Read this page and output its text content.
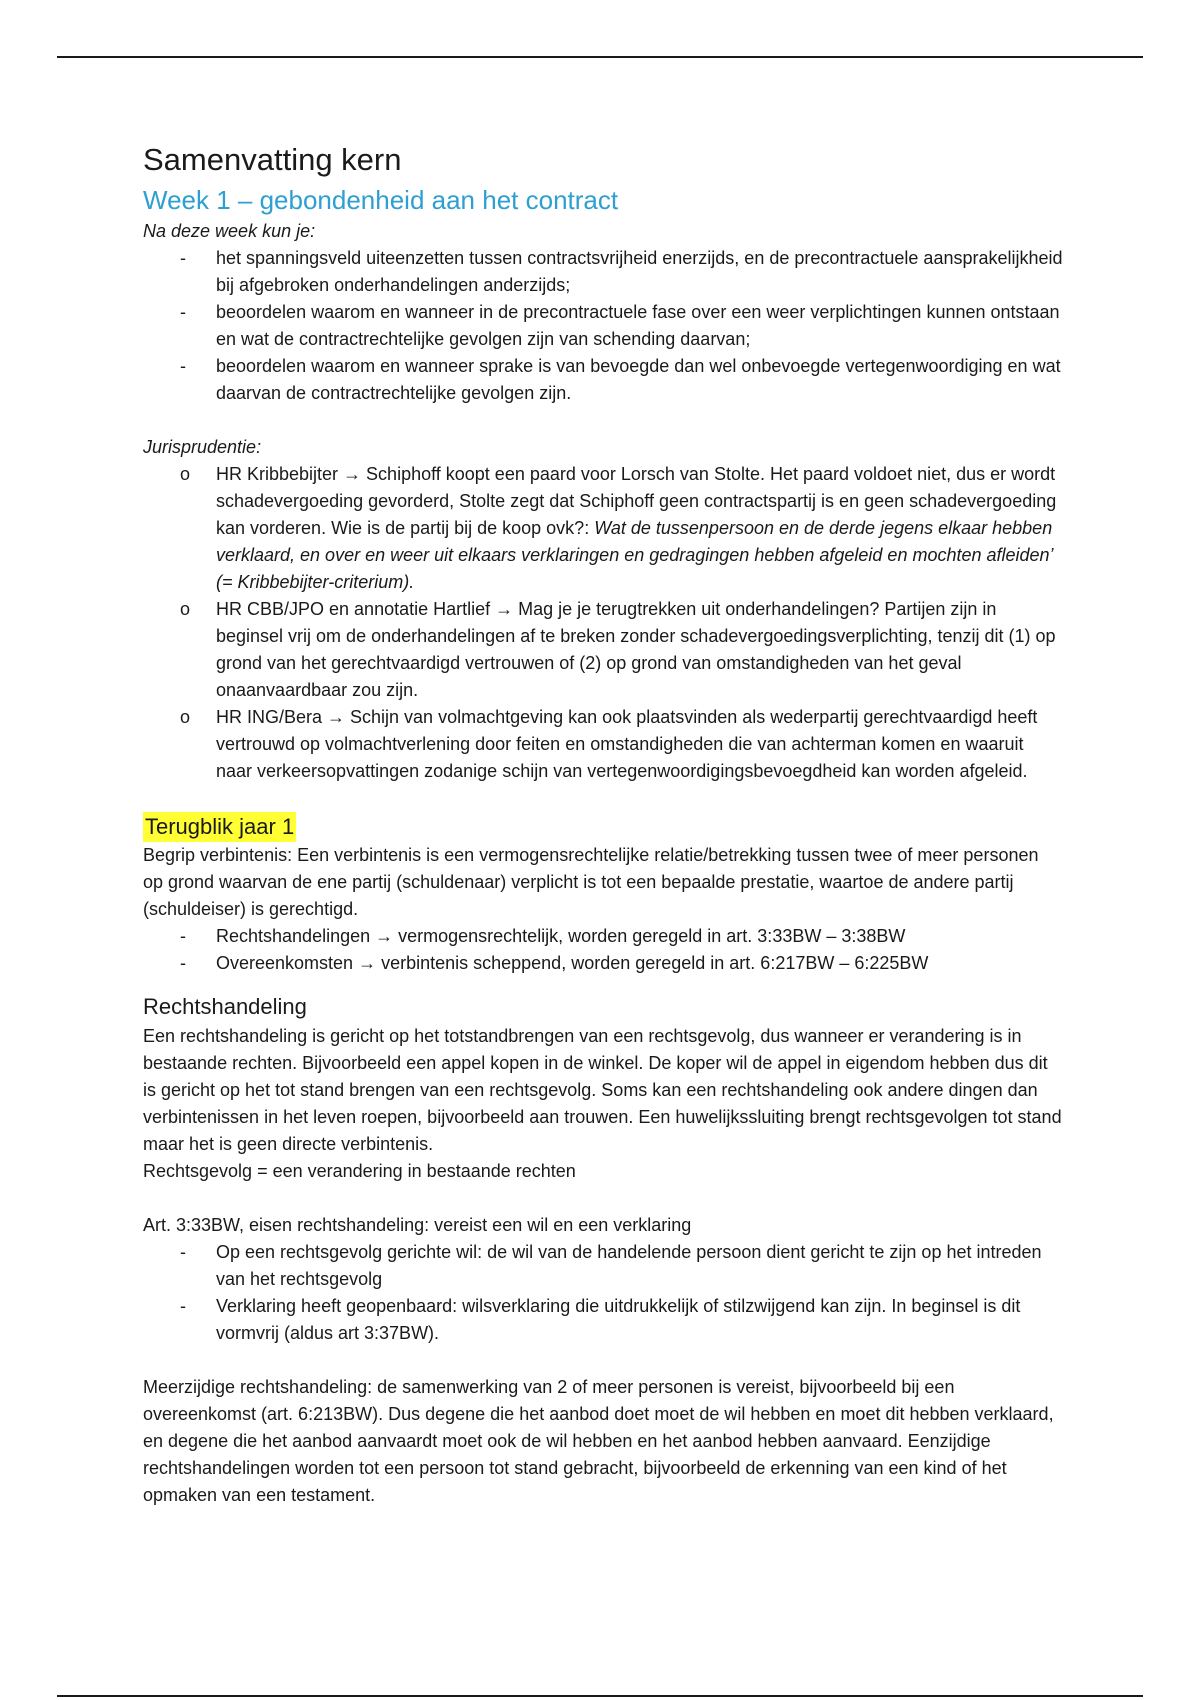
Samenvatting kern
Week 1 – gebondenheid aan het contract

Na deze week kun je:

- het spanningsveld uiteenzetten tussen contractsvrijheid enerzijds, en de precontractuele aansprakelijkheid bij afgebroken onderhandelingen anderzijds;
- beoordelen waarom en wanneer in de precontractuele fase over een weer verplichtingen kunnen ontstaan en wat de contractrechtelijke gevolgen zijn van schending daarvan;
- beoordelen waarom en wanneer sprake is van bevoegde dan wel onbevoegde vertegenwoordiging en wat daarvan de contractrechtelijke gevolgen zijn.

Jurisprudentie:

o HR Kribbebijter → Schiphoff koopt een paard voor Lorsch van Stolte. Het paard voldoet niet, dus er wordt schadevergoeding gevorderd, Stolte zegt dat Schiphoff geen contractspartij is en geen schadevergoeding kan vorderen. Wie is de partij bij de koop ovk?: Wat de tussenpersoon en de derde jegens elkaar hebben verklaard, en over en weer uit elkaars verklaringen en gedragingen hebben afgeleid en mochten afleiden’ (= Kribbebijter-criterium).
o HR CBB/JPO en annotatie Hartlief → Mag je je terugtrekken uit onderhandelingen? Partijen zijn in beginsel vrij om de onderhandelingen af te breken zonder schadevergoedingsverplichting, tenzij dit (1) op grond van het gerechtvaardigd vertrouwen of (2) op grond van omstandigheden van het geval onaanvaardbaar zou zijn.
o HR ING/Bera → Schijn van volmachtgeving kan ook plaatsvinden als wederpartij gerechtvaardigd heeft vertrouwd op volmachtverlening door feiten en omstandigheden die van achterman komen en waaruit naar verkeersopvattingen zodanige schijn van vertegenwoordigingsbevoegdheid kan worden afgeleid.
Terugblik jaar 1

Begrip verbintenis: Een verbintenis is een vermogensrechtelijke relatie/betrekking tussen twee of meer personen op grond waarvan de ene partij (schuldenaar) verplicht is tot een bepaalde prestatie, waartoe de andere partij (schuldeiser) is gerechtigd.

- Rechtshandelingen → vermogensrechtelijk, worden geregeld in art. 3:33BW – 3:38BW
- Overeenkomsten → verbintenis scheppend, worden geregeld in art. 6:217BW – 6:225BW
Rechtshandeling

Een rechtshandeling is gericht op het totstandbrengen van een rechtsgevolg, dus wanneer er verandering is in bestaande rechten. Bijvoorbeeld een appel kopen in de winkel. De koper wil de appel in eigendom hebben dus dit is gericht op het tot stand brengen van een rechtsgevolg. Soms kan een rechtshandeling ook andere dingen dan verbintenissen in het leven roepen, bijvoorbeeld aan trouwen. Een huwelijkssluiting brengt rechtsgevolgen tot stand maar het is geen directe verbintenis.

Rechtsgevolg = een verandering in bestaande rechten

Art. 3:33BW, eisen rechtshandeling: vereist een wil en een verklaring

- Op een rechtsgevolg gerichte wil: de wil van de handelende persoon dient gericht te zijn op het intreden van het rechtsgevolg
- Verklaring heeft geopenbaard: wilsverklaring die uitdrukkelijk of stilzwijgend kan zijn. In beginsel is dit vormvrij (aldus art 3:37BW).

Meerzijdige rechtshandeling: de samenwerking van 2 of meer personen is vereist, bijvoorbeeld bij een overeenkomst (art. 6:213BW). Dus degene die het aanbod doet moet de wil hebben en moet dit hebben verklaard, en degene die het aanbod aanvaardt moet ook de wil hebben en het aanbod hebben aanvaard. Eenzijdige rechtshandelingen worden tot een persoon tot stand gebracht, bijvoorbeeld de erkenning van een kind of het opmaken van een testament.
